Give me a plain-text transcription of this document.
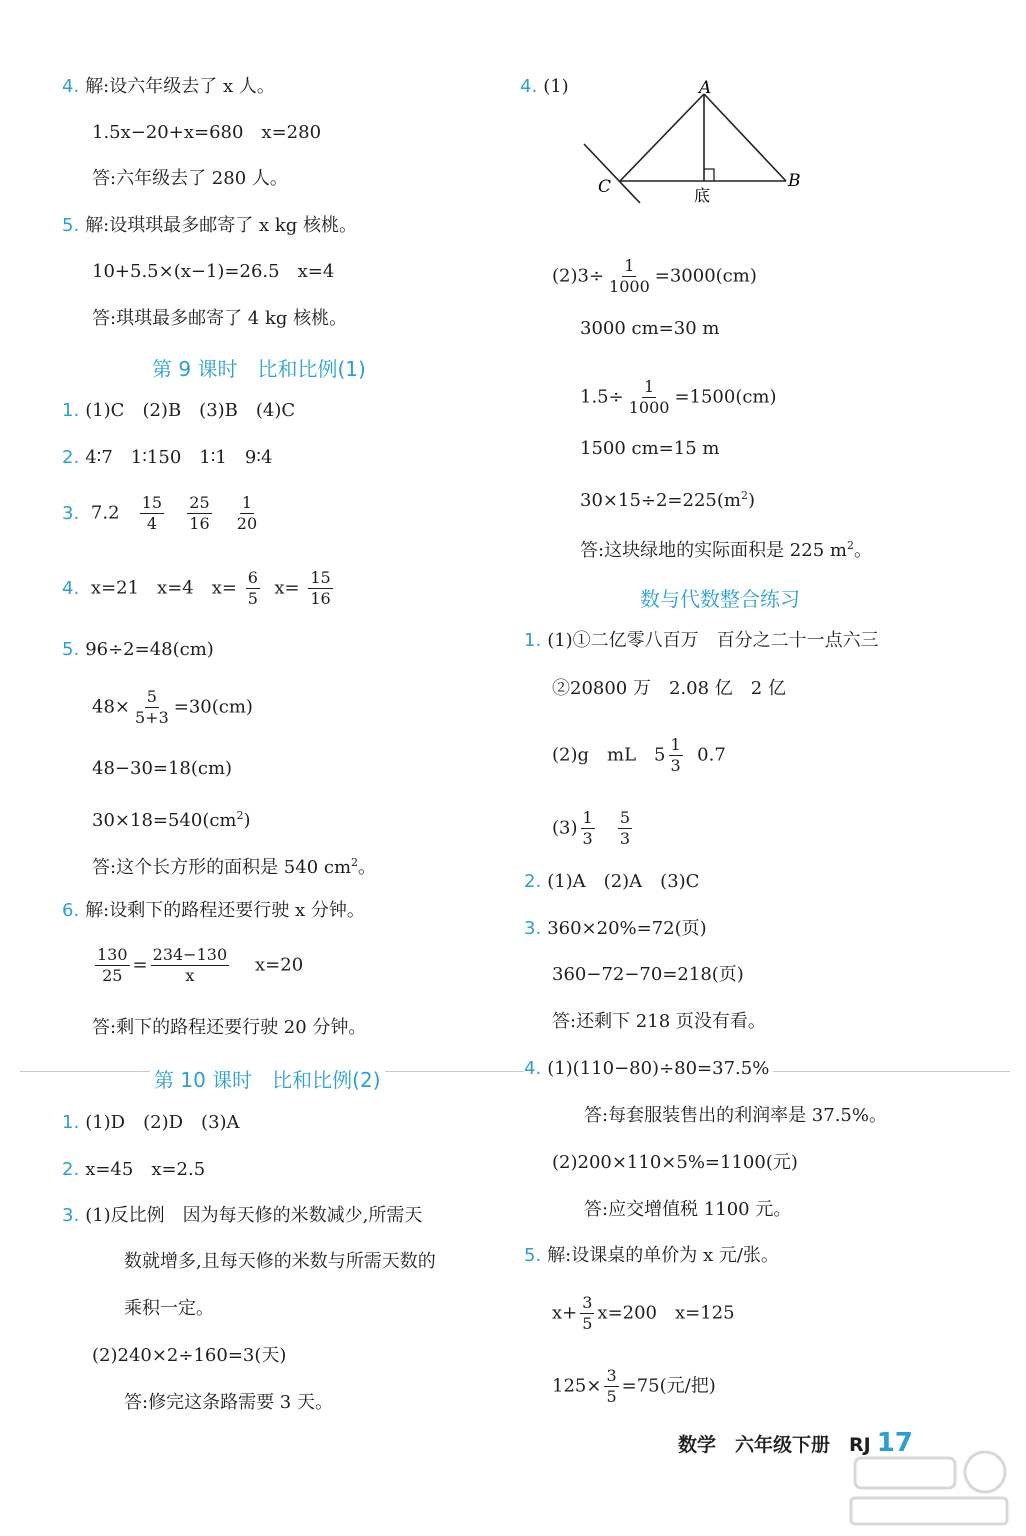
4. 解:设六年级去了 x 人。
1.5x−20+x=680　x=280
答:六年级去了 280 人。
5. 解:设琪琪最多邮寄了 x kg 核桃。
10+5.5×(x−1)=26.5　x=4
答:琪琪最多邮寄了 4 kg 核桃。
第 9 课时　比和比例(1)
1. (1)C　(2)B　(3)B　(4)C
2. 4∶7　1∶150　1∶1　9∶4
3. $7.2 \frac{15}{4}$
$\frac{25}{16}$
$\frac{1}{20}$
4. x=21　x=4　$x= \frac{6}{5} x= \frac{15}{16}$
5. 96÷2=48(cm)
$48\times \frac{5}{5+3} =30(cm)$
48−30=18(cm)
$30\times 18=540(cm^2)$
答:这个长方形的面积是 540 $cm^2$。
6. 解:设剩下的路程还要行驶 x 分钟。
$\frac{130}{25} = \frac{234-130}{x} x=20$
答:剩下的路程还要行驶 20 分钟。
第 10 课时　比和比例(2)
1. (1)D　(2)D　(3)A
2. x=45　x=2.5
3. (1)反比例　因为每天修的米数减少,所需天
数就增多,且每天修的米数与所需天数的
乘积一定。
(2)240×2÷160=3(天)
答:修完这条路需要 3 天。
4. (1)	A
B
C	底
$(2)3\div \frac{1}{1000} =3000(cm)$
3000 cm=30 m
$1.5\div \frac{1}{1000} =1500(cm)$
1500 cm=15 m
$30\times 15\div 2=225(m^2)$
答:这块绿地的实际面积是 225 $m^2$。
数与代数整合练习
1. (1)①二亿零八百万　百分之二十一点六三
②20800 万　2.08 亿　2 亿
(2)g　mL　$5 \frac{1}{3} 0.7$
$(3) \frac{1}{3}$
$\frac{5}{3}$
2. (1)A　(2)A　(3)C
3. 360×20%=72(页)
360−72−70=218(页)
答:还剩下 218 页没有看。
4. (1)(110−80)÷80=37.5%
答:每套服装售出的利润率是 37.5%。
(2)200×110×5%=1100(元)
答:应交增值税 1100 元。
5. 解:设课桌的单价为 x 元/张。
$x+ \frac{3}{5} x=200$　x=125
$125\times \frac{3}{5} =75$(元/把)
数学　六年级下册　RJ 17
